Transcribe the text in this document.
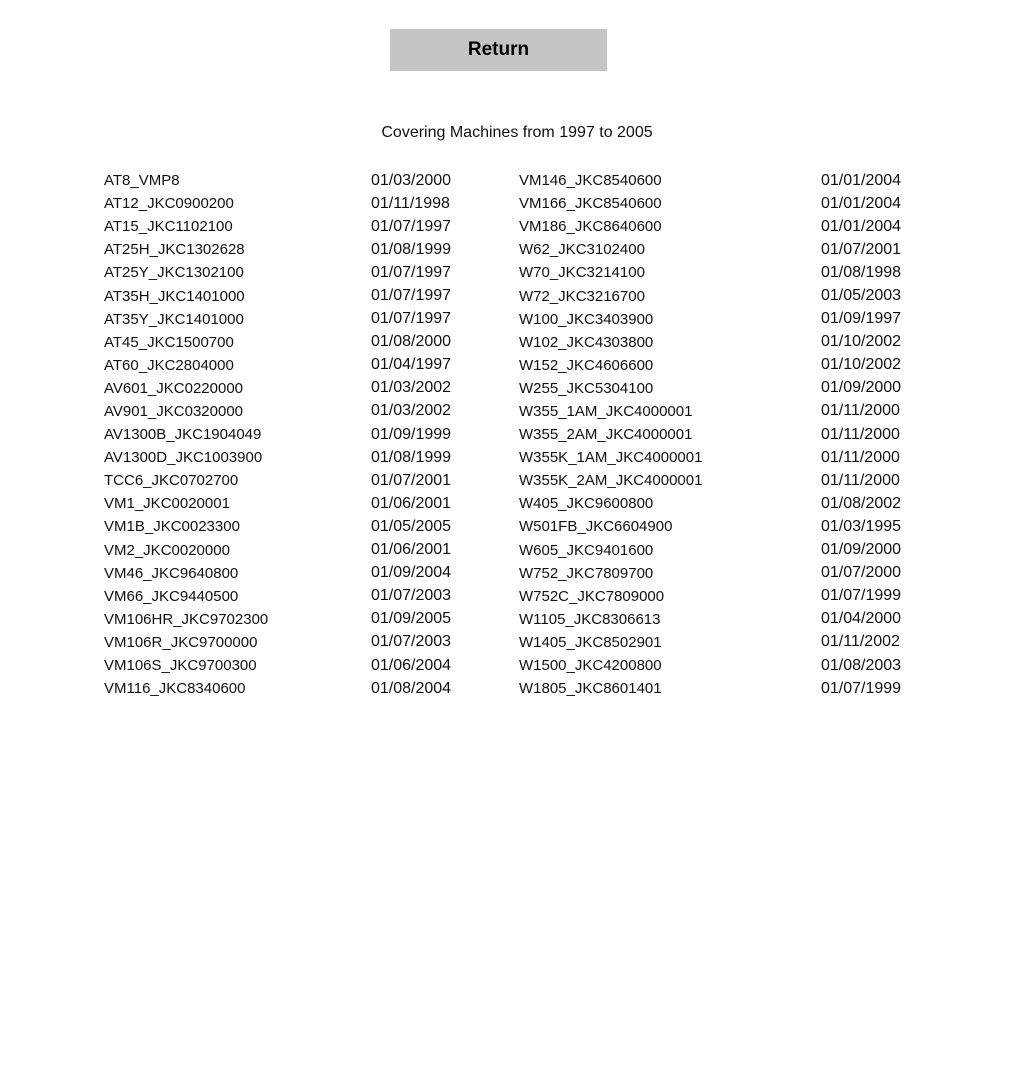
Return
Covering Machines from 1997 to 2005
AT8_VMP8	01/03/2000	VM146_JKC8540600	01/01/2004
AT12_JKC0900200	01/11/1998	VM166_JKC8540600	01/01/2004
AT15_JKC1102100	01/07/1997	VM186_JKC8640600	01/01/2004
AT25H_JKC1302628	01/08/1999	W62_JKC3102400	01/07/2001
AT25Y_JKC1302100	01/07/1997	W70_JKC3214100	01/08/1998
AT35H_JKC1401000	01/07/1997	W72_JKC3216700	01/05/2003
AT35Y_JKC1401000	01/07/1997	W100_JKC3403900	01/09/1997
AT45_JKC1500700	01/08/2000	W102_JKC4303800	01/10/2002
AT60_JKC2804000	01/04/1997	W152_JKC4606600	01/10/2002
AV601_JKC0220000	01/03/2002	W255_JKC5304100	01/09/2000
AV901_JKC0320000	01/03/2002	W355_1AM_JKC4000001	01/11/2000
AV1300B_JKC1904049	01/09/1999	W355_2AM_JKC4000001	01/11/2000
AV1300D_JKC1003900	01/08/1999	W355K_1AM_JKC4000001	01/11/2000
TCC6_JKC0702700	01/07/2001	W355K_2AM_JKC4000001	01/11/2000
VM1_JKC0020001	01/06/2001	W405_JKC9600800	01/08/2002
VM1B_JKC0023300	01/05/2005	W501FB_JKC6604900	01/03/1995
VM2_JKC0020000	01/06/2001	W605_JKC9401600	01/09/2000
VM46_JKC9640800	01/09/2004	W752_JKC7809700	01/07/2000
VM66_JKC9440500	01/07/2003	W752C_JKC7809000	01/07/1999
VM106HR_JKC9702300	01/09/2005	W1105_JKC8306613	01/04/2000
VM106R_JKC9700000	01/07/2003	W1405_JKC8502901	01/11/2002
VM106S_JKC9700300	01/06/2004	W1500_JKC4200800	01/08/2003
VM116_JKC8340600	01/08/2004	W1805_JKC8601401	01/07/1999
